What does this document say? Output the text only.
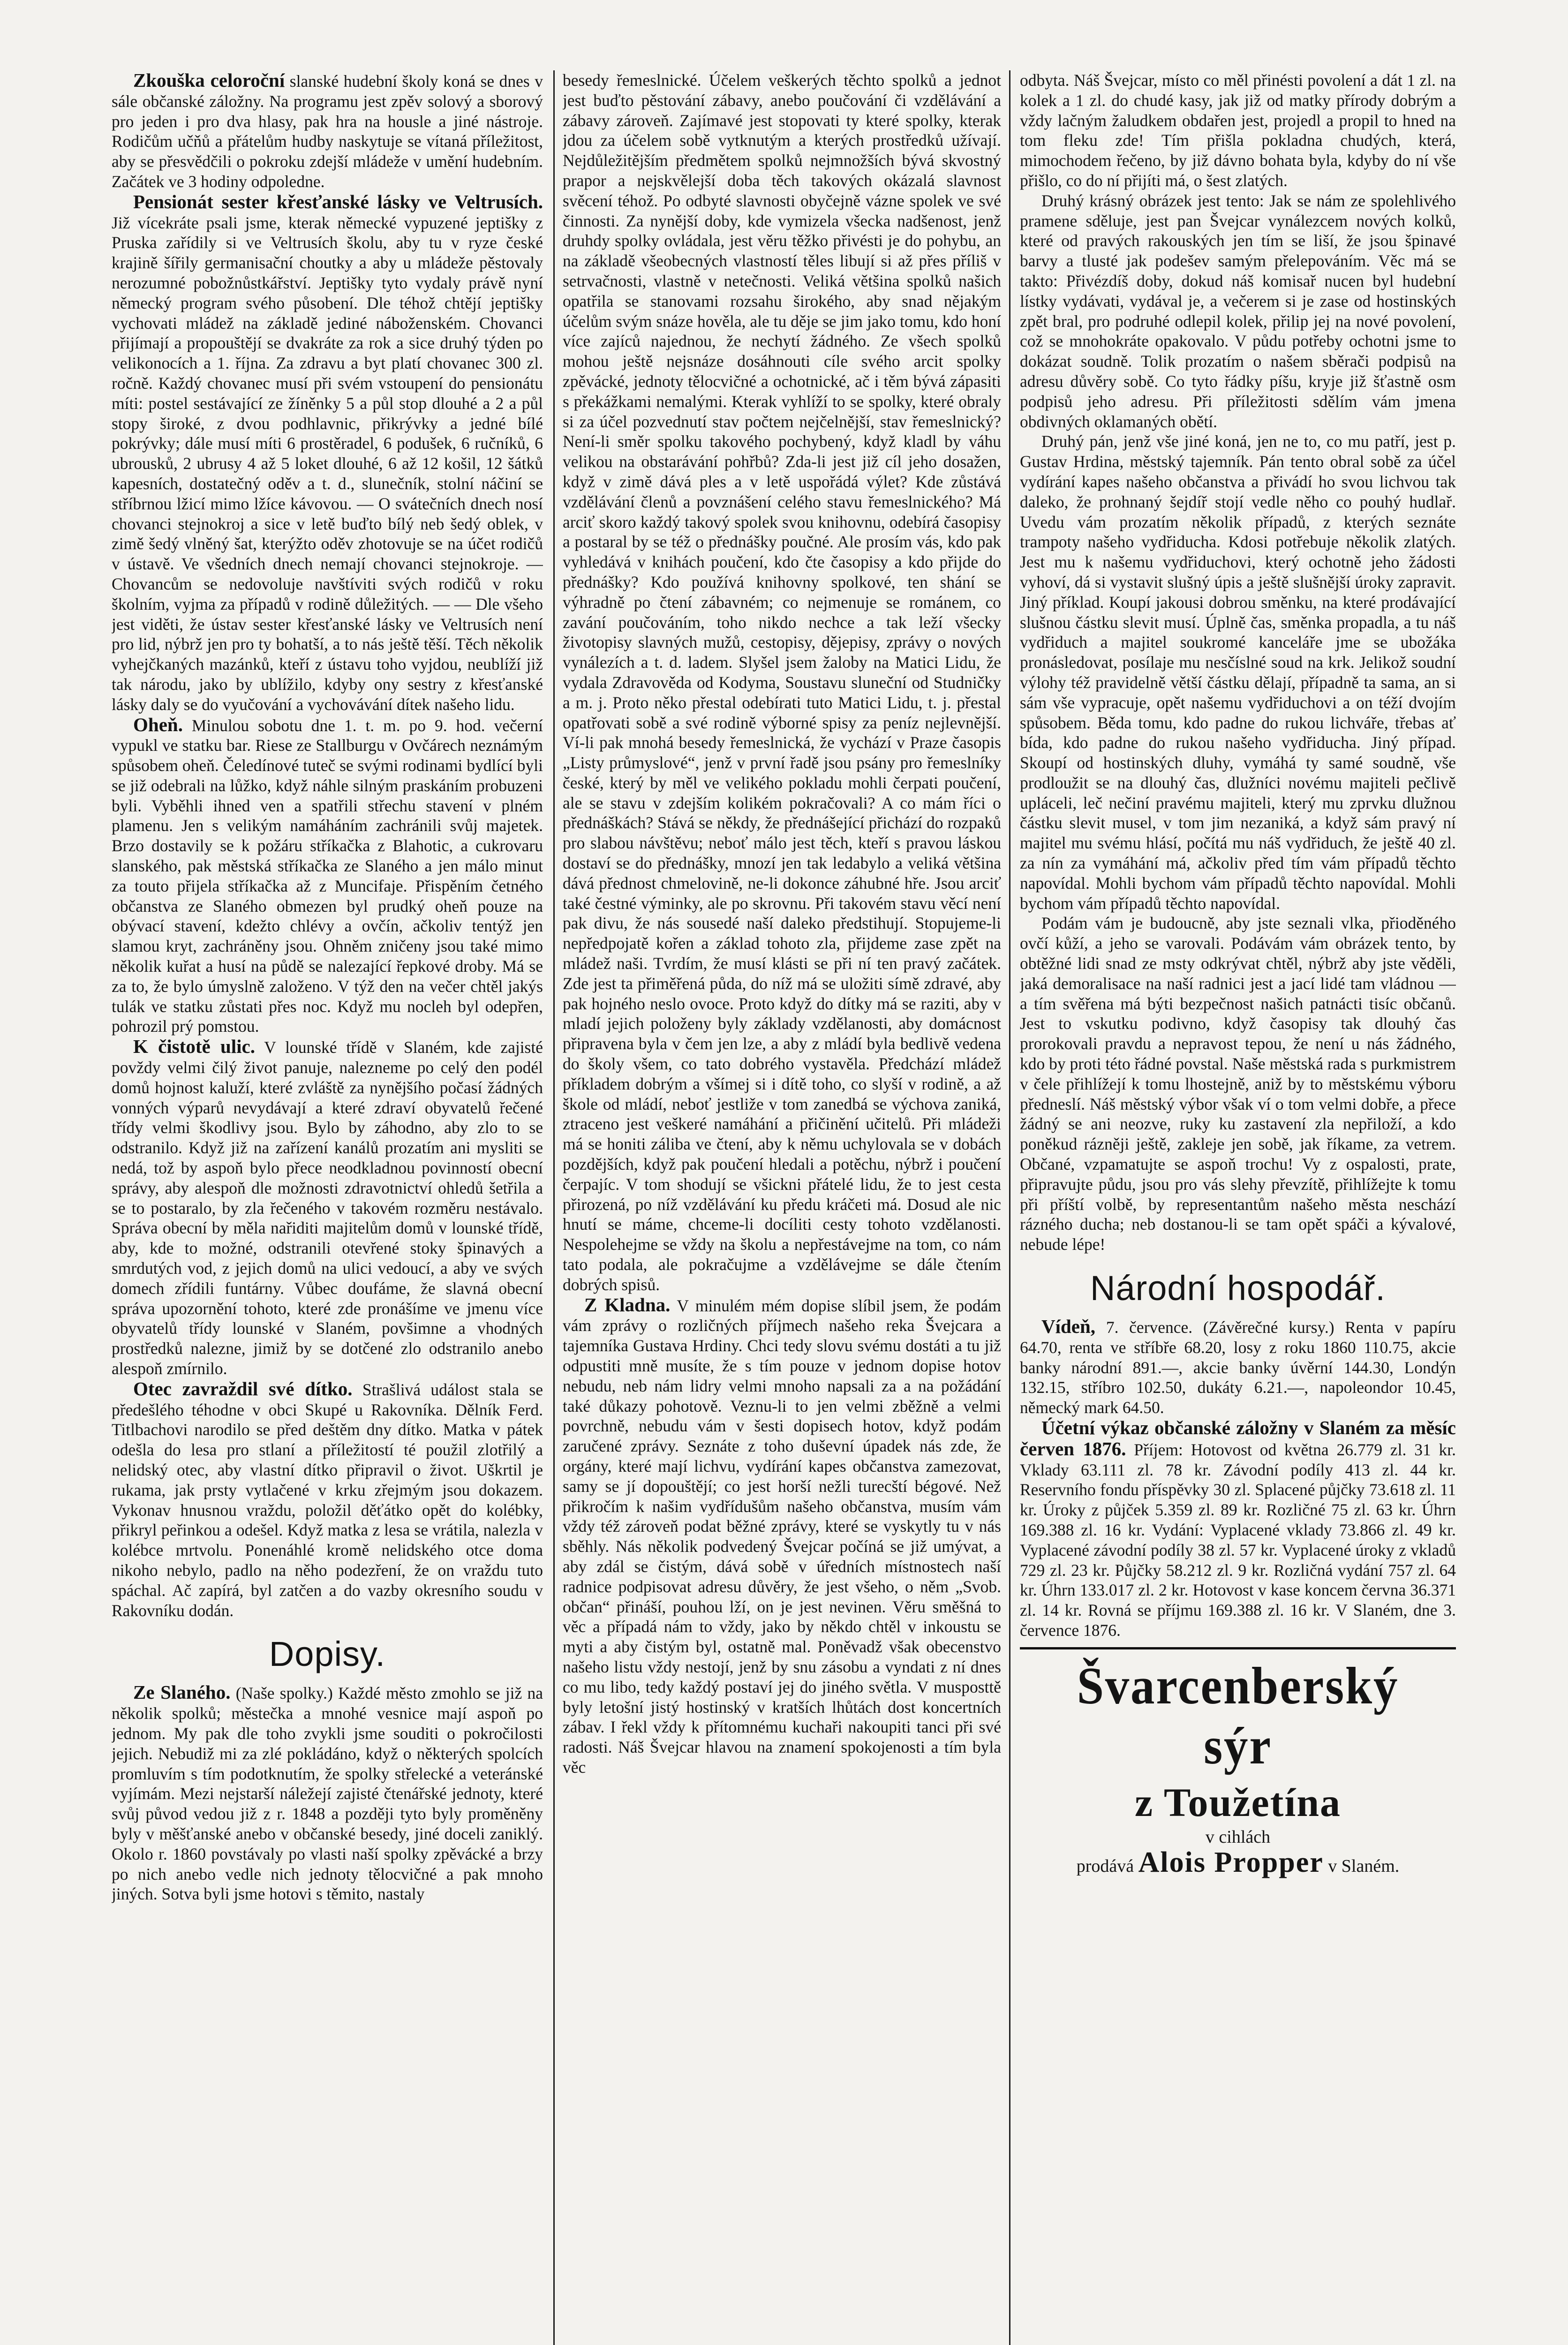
Zkouška celoroční slanské hudební školy koná se dnes v sále občanské záložny. Na programu jest zpěv solový a sborový pro jeden i pro dva hlasy, pak hra na housle a jiné nástroje. Rodičům učňů a přátelům hudby naskytuje se vítaná příležitost, aby se přesvědčili o pokroku zdejší mládeže v umění hudebním. Začátek ve 3 hodiny odpoledne.

Pensionát sester křesťanské lásky ve Veltrusích. Již vícekráte psali jsme, kterak německé vypuzené jeptišky z Pruska zařídily si ve Veltrusích školu, aby tu v ryze české krajině šířily germanisační choutky a aby u mládeže pěstovaly nerozumné pobožnůstkářství. Jeptišky tyto vydaly právě nyní německý program svého působení. Dle téhož chtějí jeptišky vychovati mládež na základě jediné náboženském. Chovanci přijímají a propouštějí se dvakráte za rok a sice druhý týden po velikonocích a 1. října. Za zdravu a byt platí chovanec 300 zl. ročně. Každý chovanec musí při svém vstoupení do pensionátu míti: postel sestávající ze žíněnky 5 a půl stop dlouhé a 2 a půl stopy široké, z dvou podhlavnic, přikrývky a jedné bílé pokrývky; dále musí míti 6 prostěradel, 6 podušek, 6 ručníků, 6 ubrousků, 2 ubrusy 4 až 5 loket dlouhé, 6 až 12 košil, 12 šátků kapesních, dostatečný oděv a t. d., slunečník, stolní náčiní se stříbrnou lžicí mimo lžíce kávovou. — O svátečních dnech nosí chovanci stejnokroj a sice v letě buďto bílý neb šedý oblek, v zimě šedý vlněný šat, kterýžto oděv zhotovuje se na účet rodičů v ústavě. Ve všedních dnech nemají chovanci stejnokroje. — Chovancům se nedovoluje navštíviti svých rodičů v roku školním, vyjma za případů v rodině důležitých. — — Dle všeho jest viděti, že ústav sester křesťanské lásky ve Veltrusích není pro lid, nýbrž jen pro ty bohatší, a to nás ještě těší. Těch několik vyhejčkaných mazánků, kteří z ústavu toho vyjdou, neublíží již tak národu, jako by ublížilo, kdyby ony sestry z křesťanské lásky daly se do vyučování a vychovávání dítek našeho lidu.

Oheň. Minulou sobotu dne 1. t. m. po 9. hod. večerní vypukl ve statku bar. Riese ze Stallburgu v Ovčárech neznámým spůsobem oheň. Čeledínové tuteč se svými rodinami bydlící byli se již odebrali na lůžko, když náhle silným praskáním probuzeni byli. Vyběhli ihned ven a spatřili střechu stavení v plném plamenu. Jen s velikým namáháním zachránili svůj majetek. Brzo dostavily se k požáru stříkačka z Blahotic, a cukrovaru slanského, pak městská stříkačka ze Slaného a jen málo minut za touto přijela stříkačka až z Muncifaje. Přispěním četného občanstva ze Slaného obmezen byl prudký oheň pouze na obývací stavení, kdežto chlévy a ovčín, ačkoliv tentýž jen slamou kryt, zachráněny jsou. Ohněm zničeny jsou také mimo několik kuřat a husí na půdě se nalezající řepkové droby. Má se za to, že bylo úmyslně založeno. V týž den na večer chtěl jakýs tulák ve statku zůstati přes noc. Když mu nocleh byl odepřen, pohrozil prý pomstou.

K čistotě ulic. V lounské třídě v Slaném, kde zajisté povždy velmi čilý život panuje, nalezneme po celý den podél domů hojnost kaluží, které zvláště za nynějšího počasí žádných vonných výparů nevydávají a které zdraví obyvatelů řečené třídy velmi škodlivy jsou. Bylo by záhodno, aby zlo to se odstranilo. Když již na zařízení kanálů prozatím ani mysliti se nedá, tož by aspoň bylo přece neodkladnou povinností obecní správy, aby alespoň dle možnosti zdravotnictví ohledů šetřila a se to postaralo, by zla řečeného v takovém rozměru nestávalo. Správa obecní by měla nařiditi majitelům domů v lounské třídě, aby, kde to možné, odstranili otevřené stoky špinavých a smrdutých vod, z jejich domů na ulici vedoucí, a aby ve svých domech zřídili funtárny. Vůbec doufáme, že slavná obecní správa upozornění tohoto, které zde pronášíme ve jmenu více obyvatelů třídy lounské v Slaném, povšimne a vhodných prostředků nalezne, jimiž by se dotčené zlo odstranilo anebo alespoň zmírnilo.

Otec zavraždil své dítko. Strašlivá událost stala se předešlého téhodne v obci Skupé u Rakovníka. Dělník Ferd. Titlbachovi narodilo se před deštěm dny dítko. Matka v pátek odešla do lesa pro stlaní a příležitostí té použil zlotřilý a nelidský otec, aby vlastní dítko připravil o život. Uškrtil je rukama, jak prsty vytlačené v krku zřejmým jsou dokazem. Vykonav hnusnou vraždu, položil děťátko opět do kolébky, přikryl peřinkou a odešel. Když matka z lesa se vrátila, nalezla v kolébce mrtvolu. Ponenáhlé kromě nelidského otce doma nikoho nebylo, padlo na něho podezření, že on vraždu tuto spáchal. Ač zapírá, byl zatčen a do vazby okresního soudu v Rakovníku dodán.

Dopisy.

Ze Slaného. (Naše spolky.) Každé město zmohlo se již na několik spolků; městečka a mnohé vesnice mají aspoň po jednom. My pak dle toho zvykli jsme souditi o pokročilosti jejich. Nebudiž mi za zlé pokládáno, když o některých spolcích promluvím s tím podotknutím, že spolky střelecké a veteránské vyjímám. Mezi nejstarší náležejí zajisté čtenářské jednoty, které svůj původ vedou již z r. 1848 a později tyto byly proměněny byly v měšťanské anebo v občanské besedy, jiné doceli zaniklý. Okolo r. 1860 povstávaly po vlasti naší spolky zpěvácké a brzy po nich anebo vedle nich jednoty tělocvičné a pak mnoho jiných. Sotva byli jsme hotovi s těmito, nastaly

besedy řemeslnické. Účelem veškerých těchto spolků a jednot jest buďto pěstování zábavy, anebo poučování či vzdělávání a zábavy zároveň. Zajímavé jest stopovati ty které spolky, kterak jdou za účelem sobě vytknutým a kterých prostředků užívají. Nejdůležitějším předmětem spolků nejmnožších bývá skvostný prapor a nejskvělejší doba těch takových okázalá slavnost svěcení téhož. Po odbyté slavnosti obyčejně vázne spolek ve své činnosti. Za nynější doby, kde vymizela všecka nadšenost, jenž druhdy spolky ovládala, jest věru těžko přivésti je do pohybu, an na základě všeobecných vlastností těles libují si až přes příliš v setrvačnosti, vlastně v netečnosti. Veliká většina spolků našich opatřila se stanovami rozsahu širokého, aby snad nějakým účelům svým snáze hověla, ale tu děje se jim jako tomu, kdo honí více zajíců najednou, že nechytí žádného. Ze všech spolků mohou ještě nejsnáze dosáhnouti cíle svého arcit spolky zpěvácké, jednoty tělocvičné a ochotnické, ač i těm bývá zápasiti s překážkami nemalými. Kterak vyhlíží to se spolky, které obraly si za účel pozvednutí stav počtem nejčelnější, stav řemeslnický? Není-li směr spolku takového pochybený, když kladl by váhu velikou na obstarávání pohřbů? Zda-li jest již cíl jeho dosažen, když v zimě dává ples a v letě uspořádá výlet? Kde zůstává vzdělávání členů a povznášení celého stavu řemeslnického? Má arciť skoro každý takový spolek svou knihovnu, odebírá časopisy a postaral by se též o přednášky poučné. Ale prosím vás, kdo pak vyhledává v knihách poučení, kdo čte časopisy a kdo přijde do přednášky? Kdo používá knihovny spolkové, ten shání se výhradně po čtení zábavném; co nejmenuje se románem, co zavání poučováním, toho nikdo nechce a tak leží všecky životopisy slavných mužů, cestopisy, dějepisy, zprávy o nových vynálezích a t. d. ladem. Slyšel jsem žaloby na Matici Lidu, že vydala Zdravověda od Kodyma, Soustavu sluneční od Studničky a m. j. Proto něko přestal odebírati tuto Matici Lidu, t. j. přestal opatřovati sobě a své rodině výborné spisy za peníz nejlevnější. Ví-li pak mnohá besedy řemeslnická, že vychází v Praze časopis „Listy průmyslové“, jenž v první řadě jsou psány pro řemeslníky české, který by měl ve velikého pokladu mohli čerpati poučení, ale se stavu v zdejším kolikém pokračovali? A co mám říci o přednáškách? Stává se někdy, že přednášející přichází do rozpaků pro slabou návštěvu; neboť málo jest těch, kteří s pravou láskou dostaví se do přednášky, mnozí jen tak ledabylo a veliká většina dává přednost chmelovině, ne-li dokonce záhubné hře. Jsou arciť také čestné výminky, ale po skrovnu. Při takovém stavu věcí není pak divu, že nás sousedé naší daleko předstihují. Stopujeme-li nepředpojatě kořen a základ tohoto zla, přijdeme zase zpět na mládež naši. Tvrdím, že musí klásti se při ní ten pravý začátek. Zde jest ta přiměřená půda, do níž má se uložiti símě zdravé, aby pak hojného neslo ovoce. Proto když do dítky má se raziti, aby v mladí jejich položeny byly základy vzdělanosti, aby domácnost připravena byla v čem jen lze, a aby z mládí byla bedlivě vedena do školy všem, co tato dobrého vystavěla. Předchází mládež příkladem dobrým a všímej si i dítě toho, co slyší v rodině, a až škole od mládí, neboť jestliže v tom zanedbá se výchova zaniká, ztraceno jest veškeré namáhání a přičinění učitelů. Při mládeži má se honiti záliba ve čtení, aby k němu uchylovala se v dobách pozdějších, když pak poučení hledali a potěchu, nýbrž i poučení čerpajíc. V tom shodují se všickni přátelé lidu, že to jest cesta přirozená, po níž vzdělávání ku předu kráčeti má. Dosud ale nic hnutí se máme, chceme-li docíliti cesty tohoto vzdělanosti. Nespolehejme se vždy na školu a nepřestávejme na tom, co nám tato podala, ale pokračujme a vzdělávejme se dále čtením dobrých spisů.

Z Kladna. V minulém mém dopise slíbil jsem, že podám vám zprávy o rozličných příjmech našeho reka Švejcara a tajemníka Gustava Hrdiny. Chci tedy slovu svému dostáti a tu již odpustiti mně musíte, že s tím pouze v jednom dopise hotov nebudu, neb nám lidry velmi mnoho napsali za a na požádání také důkazy pohotově. Veznu-li to jen velmi zběžně a velmi povrchně, nebudu vám v šesti dopisech hotov, když podám zaručené zprávy. Seznáte z toho duševní úpadek nás zde, že orgány, které mají lichvu, vydírání kapes občanstva zamezovat, samy se jí dopouštějí; co jest horší nežli turecští bégové. Než přikročím k našim vydřídušům našeho občanstva, musím vám vždy též zároveň podat běžné zprávy, které se vyskytly tu v nás sběhly. Nás několik podvedený Švejcar počíná se již umývat, a aby zdál se čistým, dává sobě v úředních místnostech naší radnice podpisovat adresu důvěry, že jest všeho, o něm „Svob. občan“ přináší, pouhou lží, on je jest nevinen. Věru směšná to věc a případá nám to vždy, jako by někdo chtěl v inkoustu se myti a aby čistým byl, ostatně mal. Poněvadž však obecenstvo našeho listu vždy nestojí, jenž by snu zásobu a vyndati z ní dnes co mu libo, tedy každý postaví jej do jiného světla. V musposttě byly letošní jistý hostinský v kratších lhůtách dost koncertních zábav. I řekl vždy k přítomnému kuchaři nakoupiti tanci při své radosti. Náš Švejcar hlavou na znamení spokojenosti a tím byla věc

odbyta. Náš Švejcar, místo co měl přinésti povolení a dát 1 zl. na kolek a 1 zl. do chudé kasy, jak již od matky přírody dobrým a vždy lačným žaludkem obdařen jest, projedl a propil to hned na tom fleku zde! Tím přišla pokladna chudých, která, mimochodem řečeno, by již dávno bohata byla, kdyby do ní vše přišlo, co do ní přijíti má, o šest zlatých.

Druhý krásný obrázek jest tento: Jak se nám ze spolehlivého pramene sděluje, jest pan Švejcar vynálezcem nových kolků, které od pravých rakouských jen tím se liší, že jsou špinavé barvy a tlusté jak podešev samým přelepováním. Věc má se takto: Přivézdíš doby, dokud náš komisař nucen byl hudební lístky vydávati, vydával je, a večerem si je zase od hostinských zpět bral, pro podruhé odlepil kolek, přilip jej na nové povolení, což se mnohokráte opakovalo. V půdu potřeby ochotni jsme to dokázat soudně. Tolik prozatím o našem sběrači podpisů na adresu důvěry sobě. Co tyto řádky píšu, kryje již šťastně osm podpisů jeho adresu. Při příležitosti sdělím vám jmena obdivných oklamaných obětí.

Druhý pán, jenž vše jiné koná, jen ne to, co mu patří, jest p. Gustav Hrdina, městský tajemník. Pán tento obral sobě za účel vydírání kapes našeho občanstva a přivádí ho svou lichvou tak daleko, že prohnaný šejdíř stojí vedle něho co pouhý hudlař. Uvedu vám prozatím několik případů, z kterých seznáte trampoty našeho vydřiducha. Kdosi potřebuje několik zlatých. Jest mu k našemu vydřiduchovi, který ochotně jeho žádosti vyhoví, dá si vystavit slušný úpis a ještě slušnější úroky zapravit. Jiný příklad. Koupí jakousi dobrou směnku, na které prodávající slušnou částku slevit musí. Úplně čas, směnka propadla, a tu náš vydřiduch a majitel soukromé kanceláře jme se ubožáka pronásledovat, posílaje mu nesčíslné soud na krk. Jelikož soudní výlohy též pravidelně větší částku dělají, případně ta sama, an si sám vše vypracuje, opět našemu vydřiduchovi a on téží dvojím spůsobem. Běda tomu, kdo padne do rukou lichváře, třebas ať bída, kdo padne do rukou našeho vydřiducha. Jiný případ. Skoupí od hostinských dluhy, vymáhá ty samé soudně, vše prodloužit se na dlouhý čas, dlužníci novému majiteli pečlivě upláceli, leč nečiní pravému majiteli, který mu zprvku dlužnou částku slevit musel, v tom jim nezaniká, a když sám pravý ní majitel mu svému hlásí, počítá mu náš vydřiduch, že ještě 40 zl. za nín za vymáhání má, ačkoliv před tím vám případů těchto napovídal. Mohli bychom vám případů těchto napovídal. Mohli bychom vám případů těchto napovídal.

Podám vám je budoucně, aby jste seznali vlka, přioděného ovčí kůží, a jeho se varovali. Podávám vám obrázek tento, by obtěžné lidi snad ze msty odkrývat chtěl, nýbrž aby jste věděli, jaká demoralisace na naší radnici jest a jací lidé tam vládnou — a tím svěřena má býti bezpečnost našich patnácti tisíc občanů. Jest to vskutku podivno, když časopisy tak dlouhý čas prorokovali pravdu a nepravost tepou, že není u nás žádného, kdo by proti této řádné povstal. Naše městská rada s purkmistrem v čele přihlížejí k tomu lhostejně, aniž by to městskému výboru předneslí. Náš městský výbor však ví o tom velmi dobře, a přece žádný se ani neozve, ruky ku zastavení zla nepřiloží, a kdo poněkud rázněji ještě, zakleje jen sobě, jak říkame, za vetrem. Občané, vzpamatujte se aspoň trochu! Vy z ospalosti, prate, připravujte půdu, jsou pro vás slehy převzítě, přihlížejte k tomu při příští volbě, by representantům našeho města neschází rázného ducha; neb dostanou-li se tam opět spáči a kývalové, nebude lépe!

Národní hospodář.

Vídeň, 7. července. (Závěrečné kursy.) Renta v papíru 64.70, renta ve stříbře 68.20, losy z roku 1860 110.75, akcie banky národní 891.—, akcie banky úvěrní 144.30, Londýn 132.15, stříbro 102.50, dukáty 6.21.—, napoleondor 10.45, německý mark 64.50.

Účetní výkaz občanské záložny v Slaném za měsíc červen 1876. Příjem: Hotovost od května 26.779 zl. 31 kr. Vklady 63.111 zl. 78 kr. Závodní podíly 413 zl. 44 kr. Reservního fondu příspěvky 30 zl. Splacené půjčky 73.618 zl. 11 kr. Úroky z půjček 5.359 zl. 89 kr. Rozličné 75 zl. 63 kr. Úhrn 169.388 zl. 16 kr. Vydání: Vyplacené vklady 73.866 zl. 49 kr. Vyplacené závodní podíly 38 zl. 57 kr. Vyplacené úroky z vkladů 729 zl. 23 kr. Půjčky 58.212 zl. 9 kr. Rozličná vydání 757 zl. 64 kr. Úhrn 133.017 zl. 2 kr. Hotovost v kase koncem června 36.371 zl. 14 kr. Rovná se příjmu 169.388 zl. 16 kr. V Slaném, dne 3. července 1876.

Švarcenberský sýr
z Toužetína
v cihlách
prodává Alois Propper v Slaném.
